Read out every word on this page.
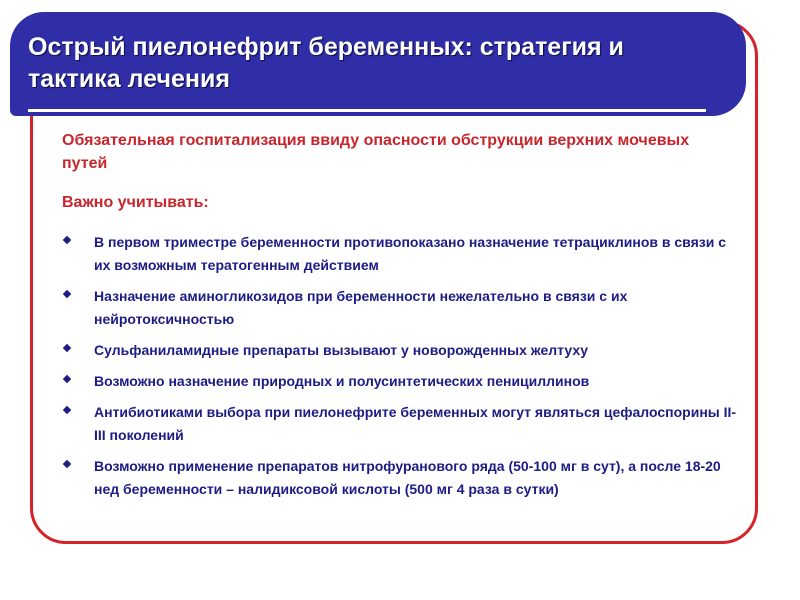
Острый пиелонефрит беременных: стратегия и тактика лечения
Обязательная госпитализация ввиду опасности обструкции верхних мочевых путей
Важно учитывать:
В первом триместре беременности противопоказано назначение тетрациклинов в связи с их возможным тератогенным действием
Назначение аминогликозидов при беременности нежелательно в связи с их нейротоксичностью
Сульфаниламидные препараты вызывают у новорожденных желтуху
Возможно назначение природных и полусинтетических пенициллинов
Антибиотиками выбора при пиелонефрите беременных могут являться цефалоспорины II-III поколений
Возможно применение препаратов нитрофуранового ряда (50-100 мг в сут), а после 18-20 нед беременности – налидиксовой кислоты (500 мг 4 раза в сутки)
